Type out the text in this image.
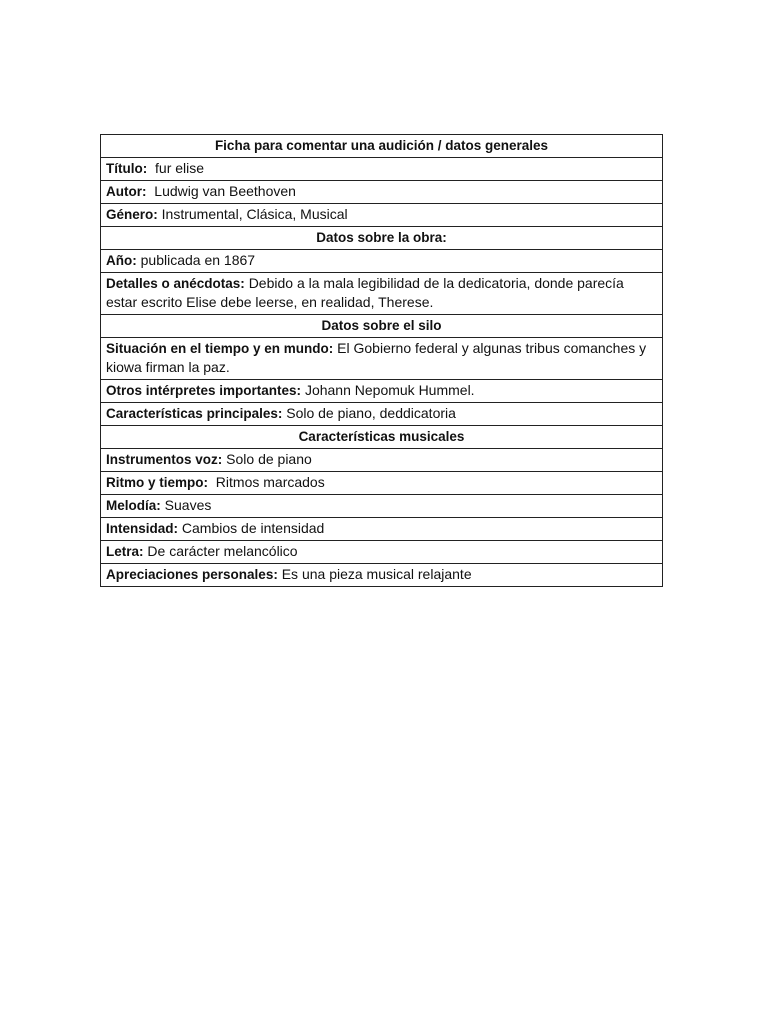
Ficha para comentar una audición / datos generales
Título: fur elise
Autor: Ludwig van Beethoven
Género: Instrumental, Clásica, Musical
Datos sobre la obra:
Año: publicada en 1867
Detalles o anécdotas: Debido a la mala legibilidad de la dedicatoria, donde parecía estar escrito Elise debe leerse, en realidad, Therese.
Datos sobre el silo
Situación en el tiempo y en mundo: El Gobierno federal y algunas tribus comanches y kiowa firman la paz.
Otros intérpretes importantes: Johann Nepomuk Hummel.
Características principales: Solo de piano, deddicatoria
Características musicales
Instrumentos voz: Solo de piano
Ritmo y tiempo: Ritmos marcados
Melodía: Suaves
Intensidad: Cambios de intensidad
Letra: De carácter melancólico
Apreciaciones personales: Es una pieza musical relajante
